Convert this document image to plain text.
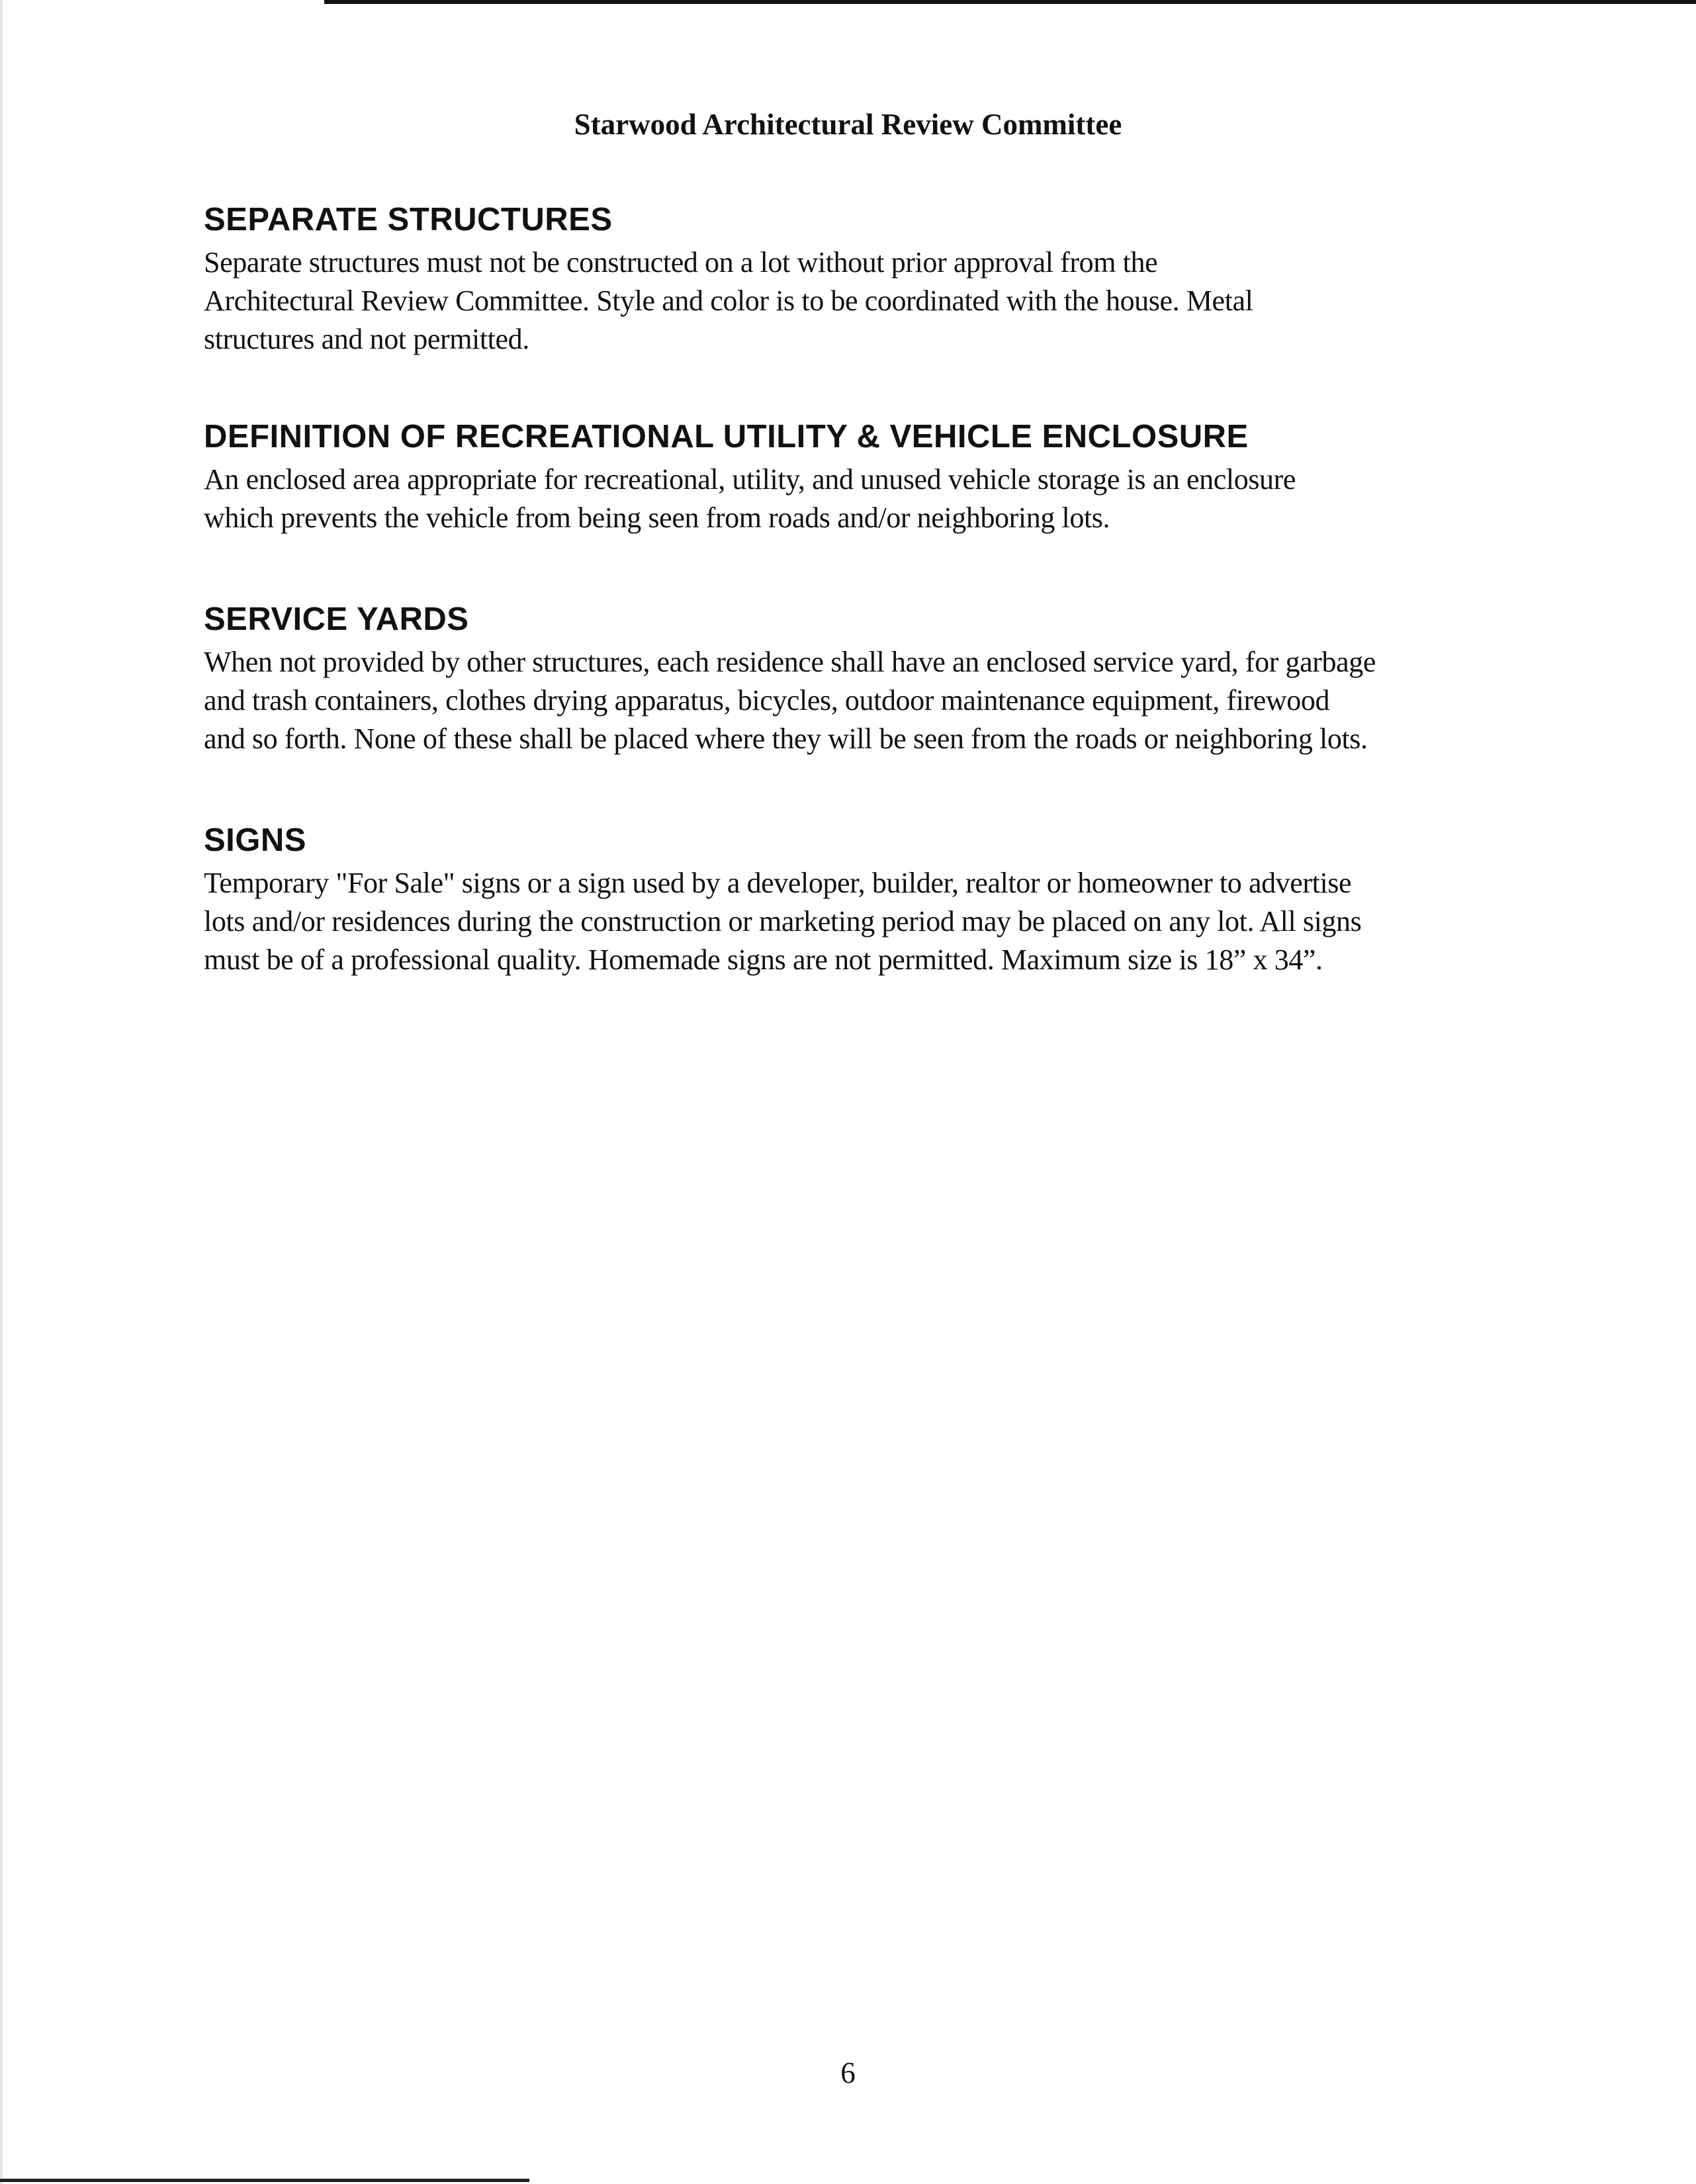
Starwood Architectural Review Committee
SEPARATE STRUCTURES

Separate structures must not be constructed on a lot without prior approval from the
Architectural Review Committee. Style and color is to be coordinated with the house. Metal
structures and not permitted.

DEFINITION OF RECREATIONAL UTILITY & VEHICLE ENCLOSURE

An enclosed area appropriate for recreational, utility, and unused vehicle storage is an enclosure
which prevents the vehicle from being seen from roads and/or neighboring lots.

SERVICE YARDS

When not provided by other structures, each residence shall have an enclosed service yard, for garbage
and trash containers, clothes drying apparatus, bicycles, outdoor maintenance equipment, firewood
and so forth. None of these shall be placed where they will be seen from the roads or neighboring lots.

SIGNS

Temporary "For Sale" signs or a sign used by a developer, builder, realtor or homeowner to advertise
lots and/or residences during the construction or marketing period may be placed on any lot. All signs
must be of a professional quality. Homemade signs are not permitted. Maximum size is 18” x 34”.

6
